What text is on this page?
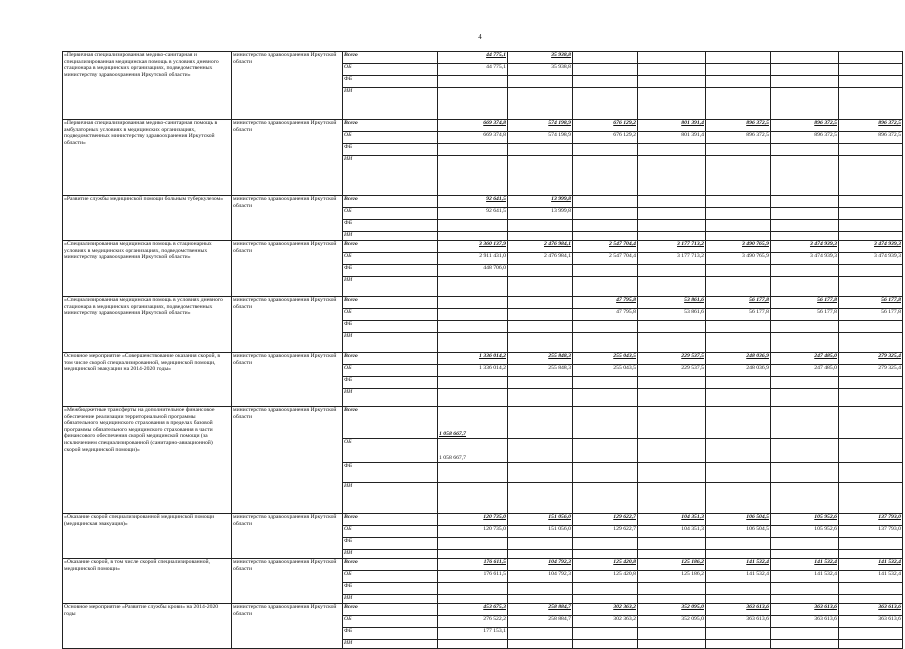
4
«Первичная специализированная медико-санитарная и специализированная медицинская помощь в условиях дневного стационара в медицинских организациях, подведомственных министерству здравоохранения Иркутской области»	министерство здравоохранения Иркутской области	Всего	44 775,1	35 938,8					
		ОБ	44 775,1	35 938,8					
		ФБ							
		ИИ							
«Первичная специализированная медико-санитарная помощь в амбулаторных условиях в медицинских организациях, подведомственных министерству здравоохранения Иркутской области»	министерство здравоохранения Иркутской области	Всего	669 374,8	574 198,9	676 129,2	801 391,4	896 372,5	896 372,5	896 372,5
		ОБ	669 374,8	574 198,9	676 129,2	801 391,4	896 372,5	896 372,5	896 372,5
		ФБ							
		ИИ							
«Развитие службы медицинской помощи больным туберкулезом»	министерство здравоохранения Иркутской области	Всего	92 641,5	13 999,8					
		ОБ	92 641,5	13 999,8					
		ФБ							
		ИИ							
«Специализированная медицинская помощь в стационарных условиях в медицинских организациях, подведомственных министерству здравоохранения Иркутской области»	министерство здравоохранения Иркутской области	Всего	3 360 137,9	2 476 984,1	2 547 704,4	3 177 713,2	3 490 765,9	3 474 939,3	3 474 939,3
		ОБ	2 911 431,0	2 476 984,1	2 547 704,4	3 177 713,2	3 490 765,9	3 474 939,3	3 474 939,3
		ФБ	448 706,0						
		ИИ							
«Специализированная медицинская помощь в условиях дневного стационара в медицинских организациях, подведомственных министерству здравоохранения Иркутской области»	министерство здравоохранения Иркутской области	Всего			47 795,8	53 861,6	56 177,8	56 177,8	56 177,8
		ОБ			47 795,8	53 861,6	56 177,8	56 177,8	56 177,8
		ФБ							
		ИИ							
Основное мероприятие «Совершенствование оказания скорой, в том числе скорой специализированной, медицинской помощи, медицинской эвакуации на 2014-2020 годы»	министерство здравоохранения Иркутской области	Всего	1 336 014,2	255 848,3	255 043,5	229 537,5	248 036,9	247 485,0	279 325,4
		ОБ	1 336 014,2	255 848,3	255 043,5	229 537,5	248 036,9	247 485,0	279 325,4
		ФБ							
		ИИ							
«Межбюджетные трансферты на дополнительное финансовое обеспечение реализации территориальной программы обязательного медицинского страхования в пределах базовой программы обязательного медицинского страхования в части финансового обеспечения скорой медицинской помощи (за исключением специализированной (санитарно-авиационной) скорой медицинской помощи)»	министерство здравоохранения Иркутской области	Всего	1 058 667,7						

		ОБ	1 058 667,7						

		ФБ	

		ИИ	

«Оказание скорой специализированной медицинской помощи (медицинская эвакуация)»	министерство здравоохранения Иркутской области	Всего	120 735,0	151 056,0	129 622,7	104 351,3	106 504,5	105 952,6	137 793,0
		ОБ	120 735,0	151 056,0	129 622,7	104 351,3	106 504,5	105 952,6	137 793,0
		ФБ							
		ИИ							
«Оказание скорой, в том числе скорой специализированной, медицинской помощи»	министерство здравоохранения Иркутской области	Всего	176 611,5	104 792,3	125 420,8	125 186,2	141 532,4	141 532,4	141 532,4
		ОБ	176 611,5	104 792,3	125 420,8	125 186,2	141 532,4	141 532,4	141 532,4
		ФБ							
		ИИ							
Основное мероприятие «Развитие службы крови» на 2014-2020 годы	министерство здравоохранения Иркутской области	Всего	453 675,3	258 884,7	302 363,2	352 095,0	363 613,6	363 613,6	363 613,6
		ОБ	276 522,2	258 884,7	302 363,2	352 095,0	363 613,6	363 613,6	363 613,6
		ФБ	177 153,1						
		ИИ							
